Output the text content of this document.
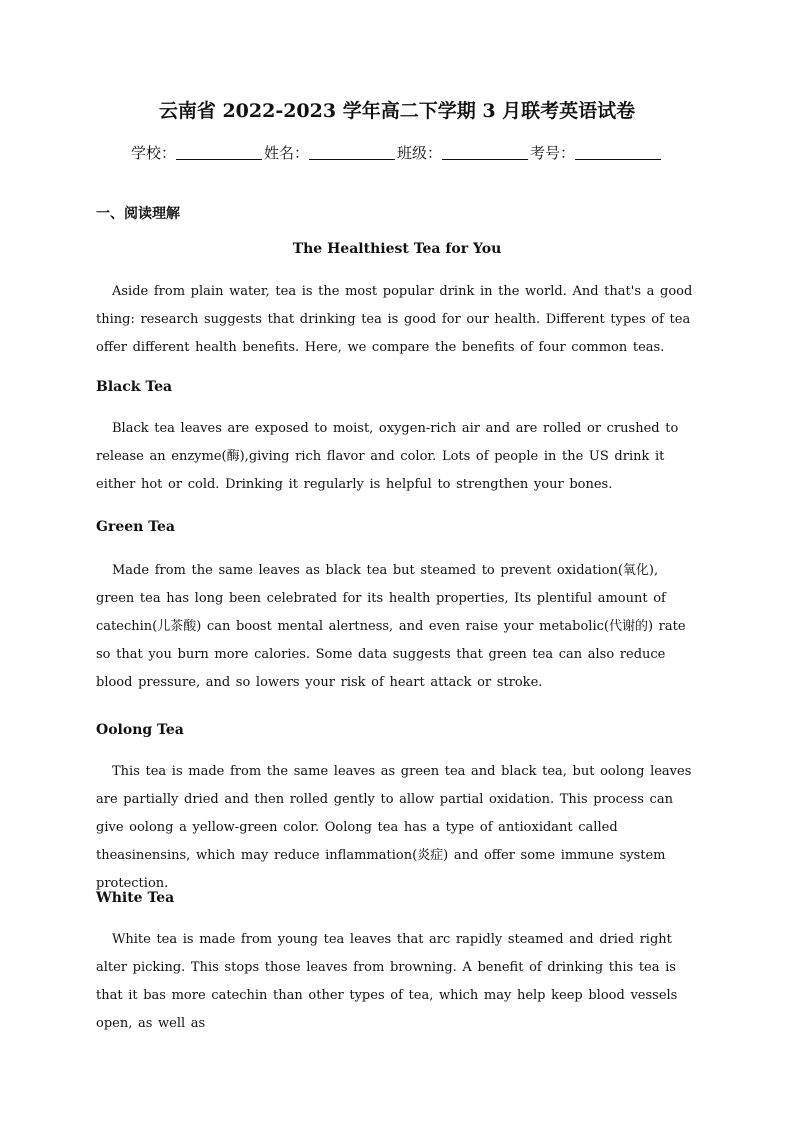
云南省 2022-2023 学年高二下学期 3 月联考英语试卷
学校：	姓名：	班级：	考号：
一、阅读理解
The Healthiest Tea for You

Aside from plain water, tea is the most popular drink in the world. And that's a good thing: research suggests that drinking tea is good for our health. Different types of tea offer different health benefits. Here, we compare the benefits of four common teas.

Black Tea

Black tea leaves are exposed to moist, oxygen-rich air and are rolled or crushed to release an enzyme(酶),giving rich flavor and color. Lots of people in the US drink it either hot or cold. Drinking it regularly is helpful to strengthen your bones.

Green Tea

Made from the same leaves as black tea but steamed to prevent oxidation(氧化), green tea has long been celebrated for its health properties, Its plentiful amount of catechin(儿茶酸) can boost mental alertness, and even raise your metabolic(代谢的) rate so that you burn more calories. Some data suggests that green tea can also reduce blood pressure, and so lowers your risk of heart attack or stroke.

Oolong Tea

This tea is made from the same leaves as green tea and black tea, but oolong leaves are partially dried and then rolled gently to allow partial oxidation. This process can give oolong a yellow-green color. Oolong tea has a type of antioxidant called theasinensins, which may reduce inflammation(炎症) and offer some immune system protection.

White Tea

White tea is made from young tea leaves that arc rapidly steamed and dried right alter picking. This stops those leaves from browning. A benefit of drinking this tea is that it bas more catechin than other types of tea, which may help keep blood vessels open, as well as
